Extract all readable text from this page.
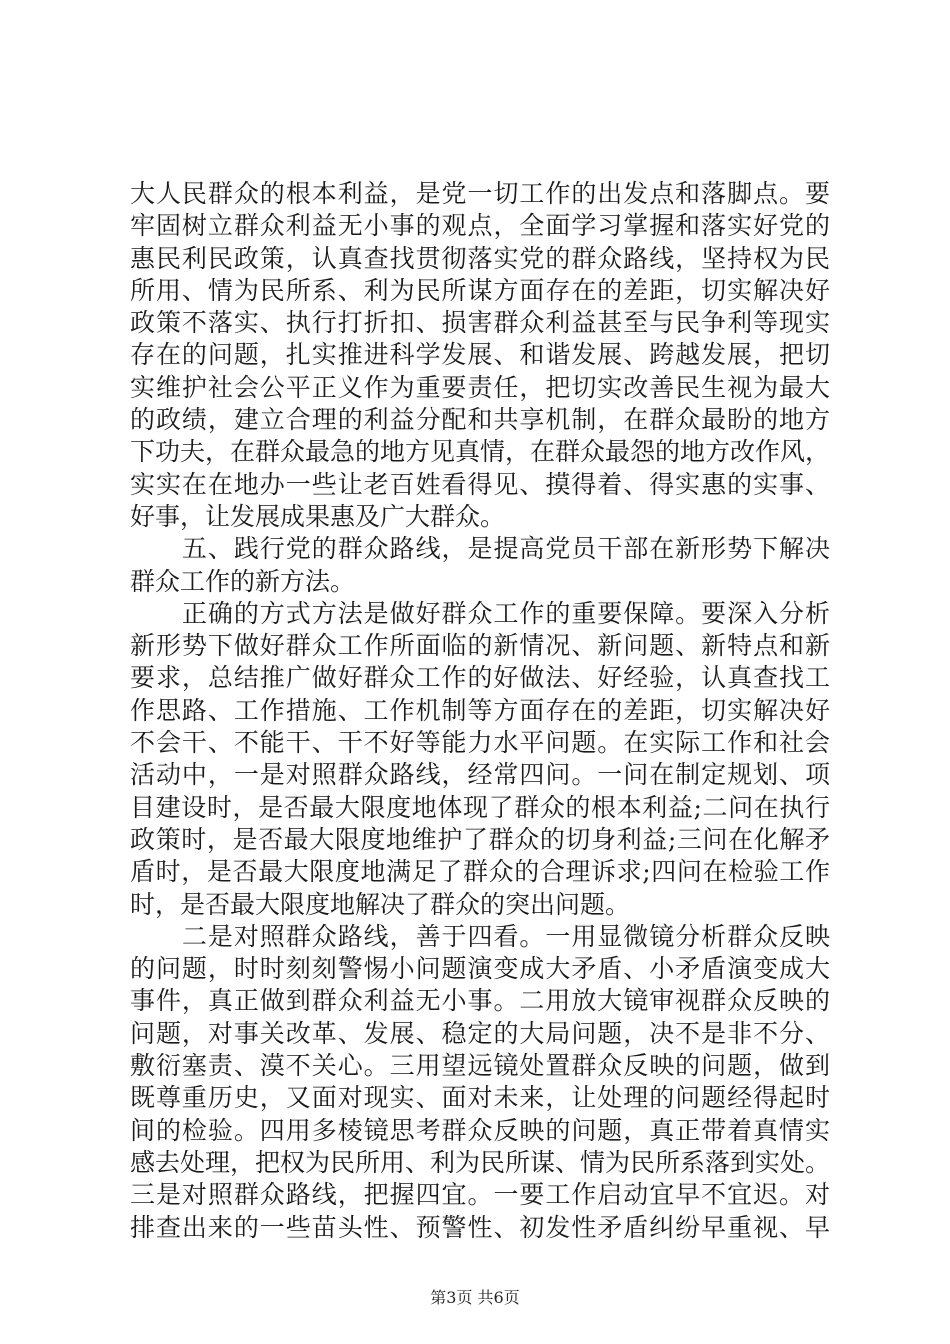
大人民群众的根本利益，是党一切工作的出发点和落脚点。要
牢固树立群众利益无小事的观点，全面学习掌握和落实好党的
惠民利民政策，认真查找贯彻落实党的群众路线，坚持权为民
所用、情为民所系、利为民所谋方面存在的差距，切实解决好
政策不落实、执行打折扣、损害群众利益甚至与民争利等现实
存在的问题，扎实推进科学发展、和谐发展、跨越发展，把切
实维护社会公平正义作为重要责任，把切实改善民生视为最大
的政绩，建立合理的利益分配和共享机制，在群众最盼的地方
下功夫，在群众最急的地方见真情，在群众最怨的地方改作风，
实实在在地办一些让老百姓看得见、摸得着、得实惠的实事、
好事，让发展成果惠及广大群众。
　　五、践行党的群众路线，是提高党员干部在新形势下解决
群众工作的新方法。
　　正确的方式方法是做好群众工作的重要保障。要深入分析
新形势下做好群众工作所面临的新情况、新问题、新特点和新
要求，总结推广做好群众工作的好做法、好经验，认真查找工
作思路、工作措施、工作机制等方面存在的差距，切实解决好
不会干、不能干、干不好等能力水平问题。在实际工作和社会
活动中，一是对照群众路线，经常四问。一问在制定规划、项
目建设时，是否最大限度地体现了群众的根本利益;二问在执行
政策时，是否最大限度地维护了群众的切身利益;三问在化解矛
盾时，是否最大限度地满足了群众的合理诉求;四问在检验工作
时，是否最大限度地解决了群众的突出问题。
　　二是对照群众路线，善于四看。一用显微镜分析群众反映
的问题，时时刻刻警惕小问题演变成大矛盾、小矛盾演变成大
事件，真正做到群众利益无小事。二用放大镜审视群众反映的
问题，对事关改革、发展、稳定的大局问题，决不是非不分、
敷衍塞责、漠不关心。三用望远镜处置群众反映的问题，做到
既尊重历史，又面对现实、面对未来，让处理的问题经得起时
间的检验。四用多棱镜思考群众反映的问题，真正带着真情实
感去处理，把权为民所用、利为民所谋、情为民所系落到实处。
三是对照群众路线，把握四宜。一要工作启动宜早不宜迟。对
排查出来的一些苗头性、预警性、初发性矛盾纠纷早重视、早
第3页 共6页
